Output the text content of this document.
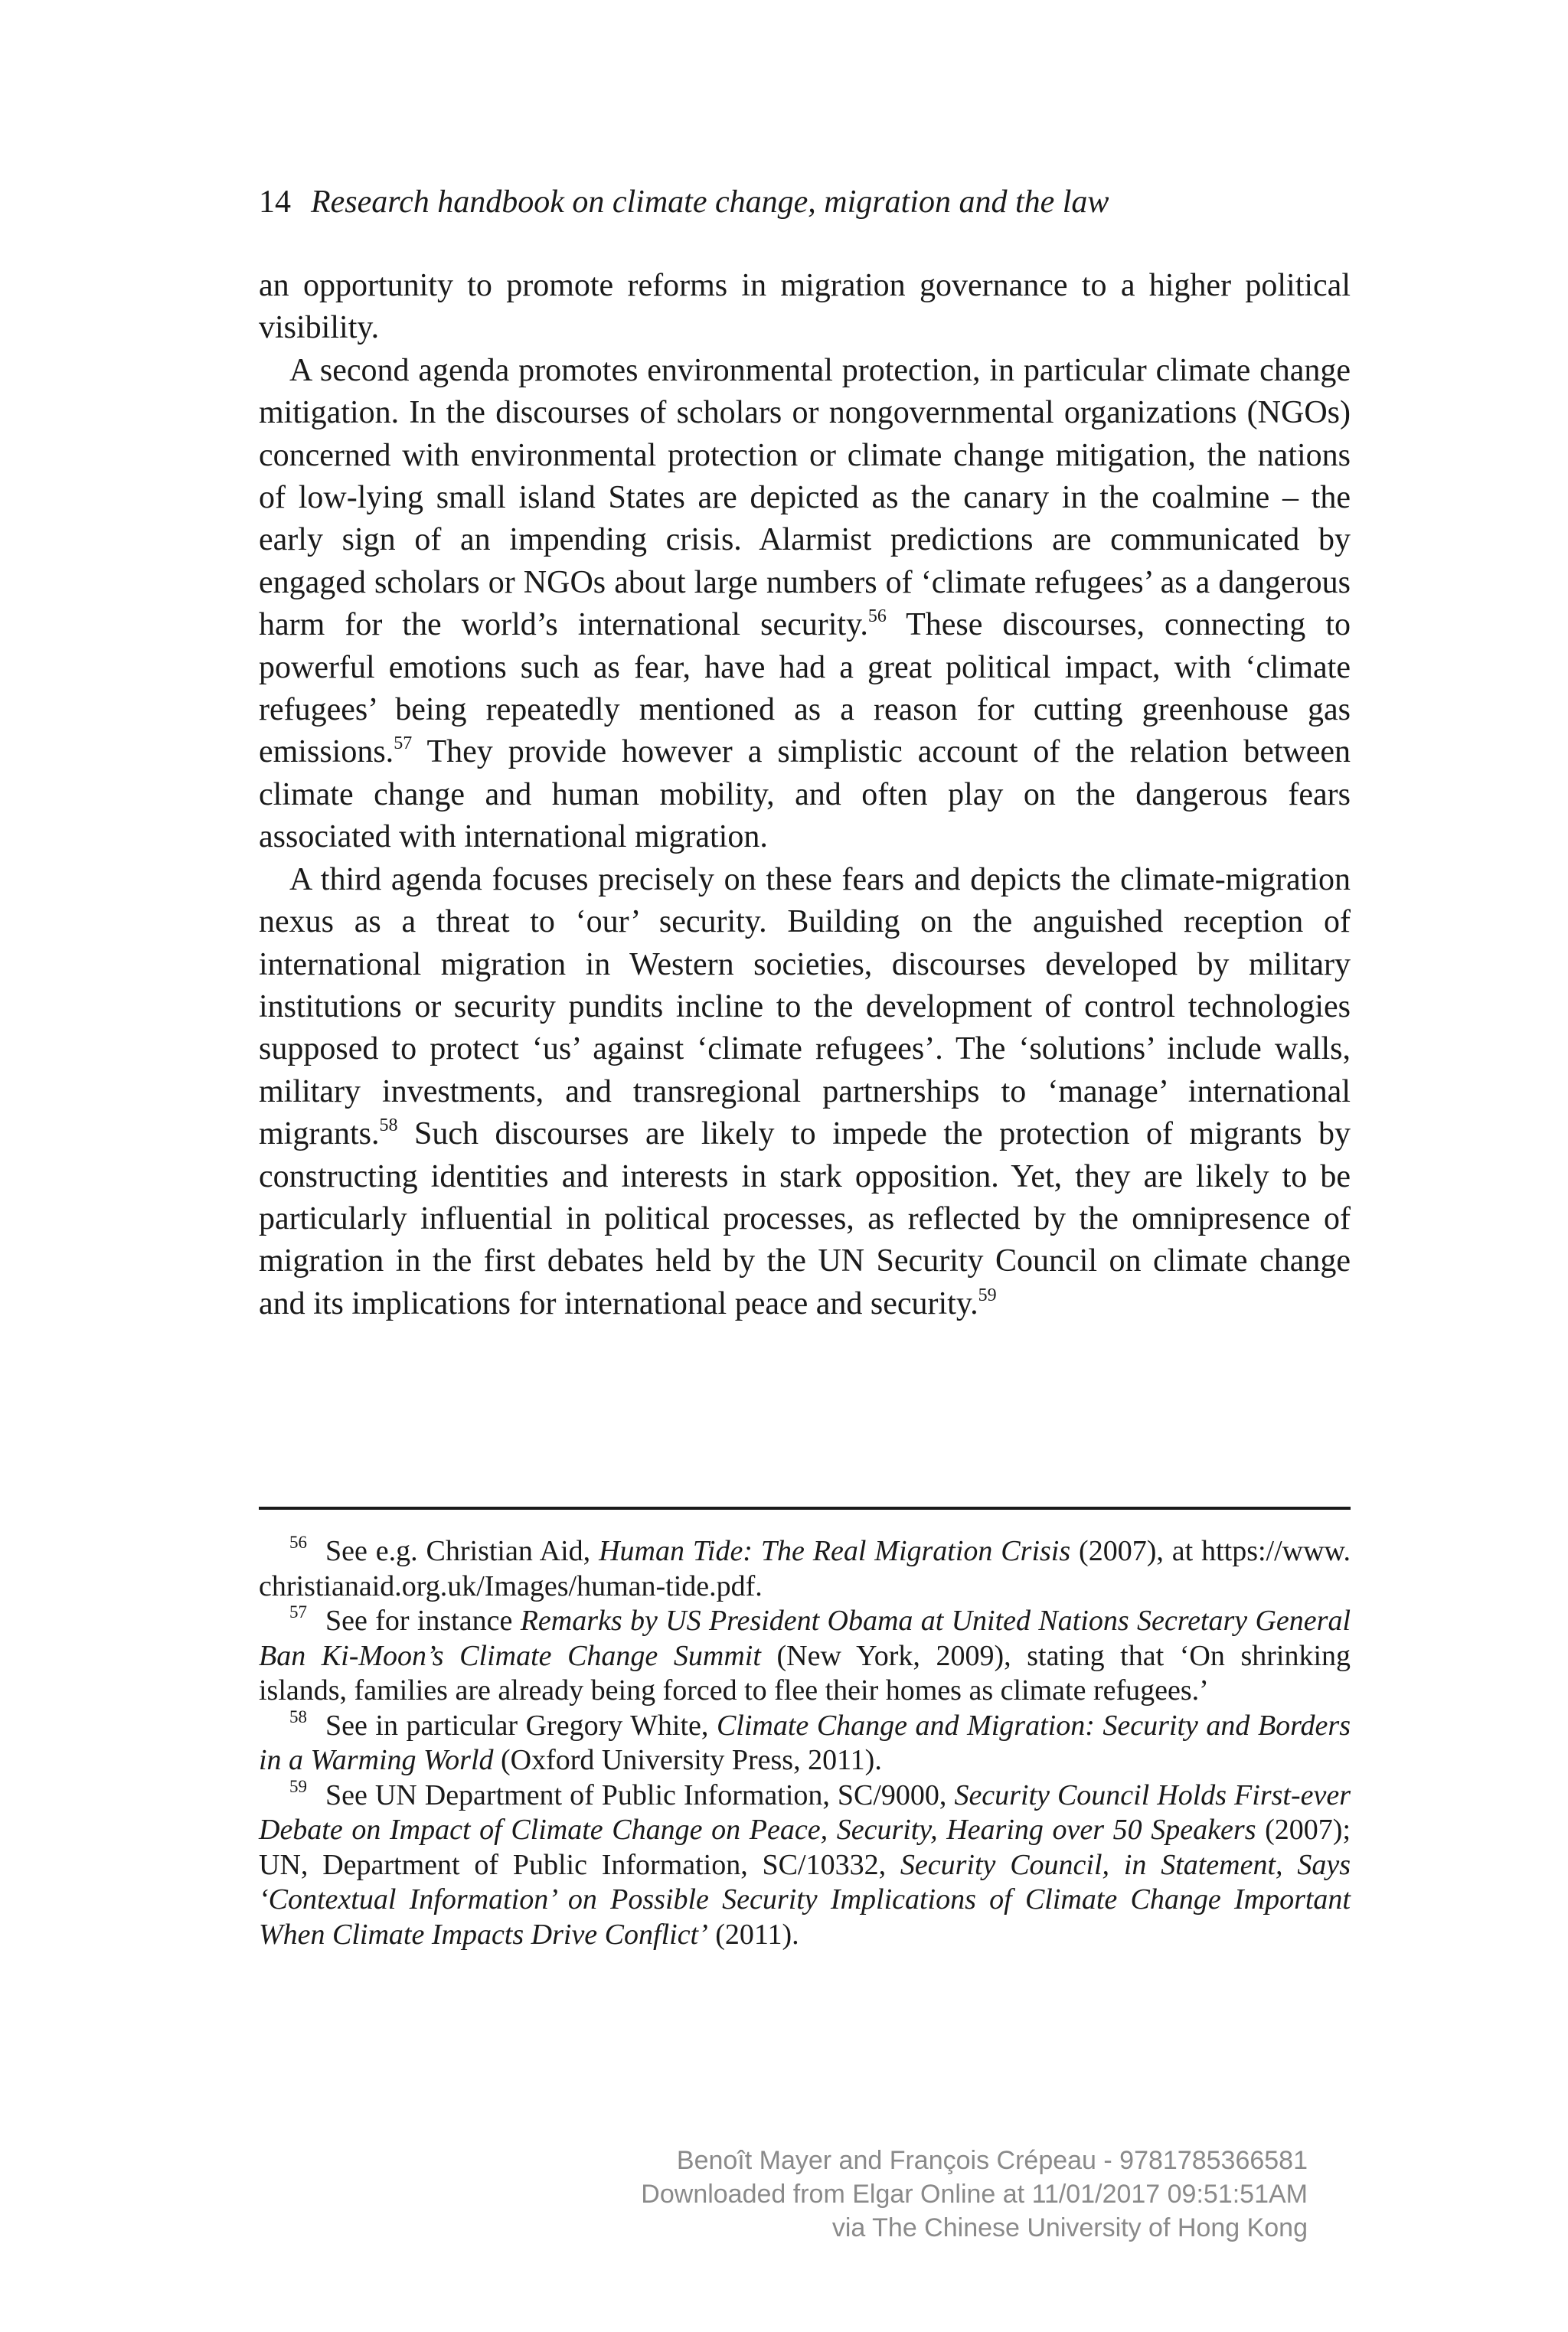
14 Research handbook on climate change, migration and the law

an opportunity to promote reforms in migration governance to a higher political visibility.

A second agenda promotes environmental protection, in particular climate change mitigation. In the discourses of scholars or nongovernmental organizations (NGOs) concerned with environmental protection or climate change mitigation, the nations of low-lying small island States are depicted as the canary in the coalmine – the early sign of an impending crisis. Alarmist predictions are communicated by engaged scholars or NGOs about large numbers of ‘climate refugees’ as a dangerous harm for the world’s international security.$^{56}$ These discourses, connecting to powerful emotions such as fear, have had a great political impact, with ‘climate refugees’ being repeatedly mentioned as a reason for cutting greenhouse gas emissions.$^{57}$ They provide however a simplistic account of the relation between climate change and human mobility, and often play on the dangerous fears associated with international migration.

A third agenda focuses precisely on these fears and depicts the climate-​migration nexus as a threat to ‘our’ security. Building on the anguished reception of international migration in Western societies, discourses developed by military institutions or security pundits incline to the development of control technologies supposed to protect ‘us’ against ‘climate refugees’. The ‘solutions’ include walls, military investments, and transregional partnerships to ‘manage’ international migrants.$^{58}$ Such discourses are likely to impede the protection of migrants by constructing identities and interests in stark opposition. Yet, they are likely to be particularly influential in political processes, as reflected by the omnipresence of migration in the first debates held by the UN Security Council on climate change and its implications for international peace and security.$^{59}$

$^{56}$ See e.g. Christian Aid, Human Tide: The Real Migration Crisis (2007), at https://www.christianaid.org.uk/Images/human-tide.pdf.

$^{57}$ See for instance Remarks by US President Obama at United Nations Secretary General Ban Ki-Moon’s Climate Change Summit (New York, 2009), stating that ‘On shrinking islands, families are already being forced to flee their homes as climate refugees.’

$^{58}$ See in particular Gregory White, Climate Change and Migration: Security and Borders in a Warming World (Oxford University Press, 2011).

$^{59}$ See UN Department of Public Information, SC/9000, Security Council Holds First-ever Debate on Impact of Climate Change on Peace, Security, Hearing over 50 Speakers (2007); UN, Department of Public Information, SC/10332, Security Council, in Statement, Says ‘Contextual Information’ on Possible Security Implications of Climate Change Important When Climate Impacts Drive Conflict’ (2011).

Benoît Mayer and François Crépeau - 9781785366581
Downloaded from Elgar Online at 11/01/2017 09:51:51AM
via The Chinese University of Hong Kong
